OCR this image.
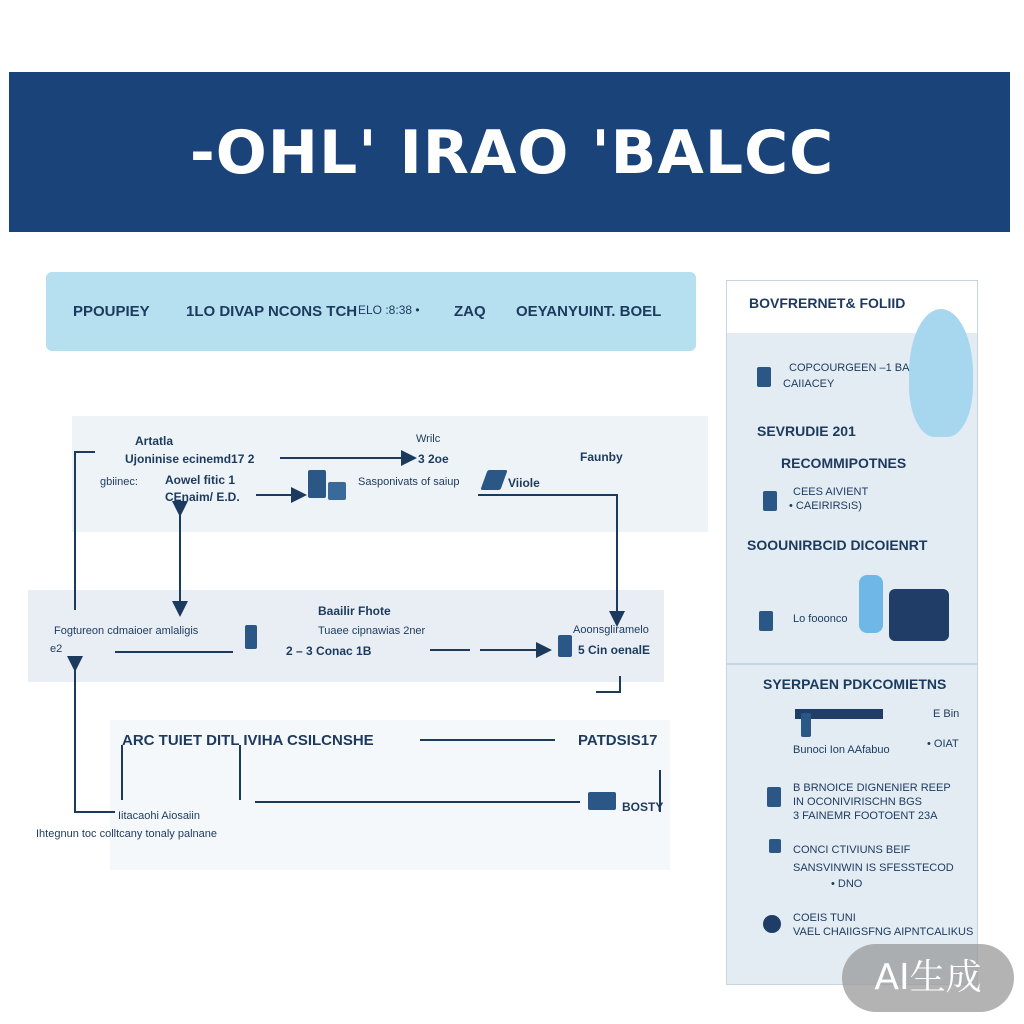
-OHL' IRAO 'BALCC
PPOUPIEY 1LO DIVAP NCONS TCH ELO :8:38 • ZAQ OEYANYUINT. BOEL
Artatla
Ujoninise ecinemd17 2
Aowel fitic 1
CEnaim/ E.D.
gbiinec:
Wrilc
3 2oe
Sasponivats of saiup	Viiole
Faunby
Baailir Fhote
Fogtureon cdmaioer amlaligis
e2
Tuaee cipnawias 2ner
2 – 3 Conac 1B
Aoonsgliramelo
5 Cin oenalE
ARC TUIET DITL IVIHA CSILCNSHE	PATDSIS17
Iitacaohi Aiosaiin
Ihtegnun toc colltcany tonaly palnane
BOSTY
BOVFRERNET& FOLIID
COPCOURGEEN –1 BA
CAIIACEY
SEVRUDIE 201
RECOMMIPOTNES
CEES AIVIENT
• CAEIRIRSıS)
SOOUNIRBCID DICOIENRT
Lo fooonco
SYERPAEN PDKCOMIETNS
Bunoci Ion AAfabuo
E Bin
• OIAT
B BRNOICE DIGNENIER REEP
IN OCONIVIRISCHN BGS
3 FAINEMR FOOTOENT 23A
CONCI CTIVIUNS BEIF
SANSVINWIN IS SFESSTECOD
• DNO
COEIS TUNI
VAEL CHAIIGSFNG AIPNTCALIKUS
AI生成
